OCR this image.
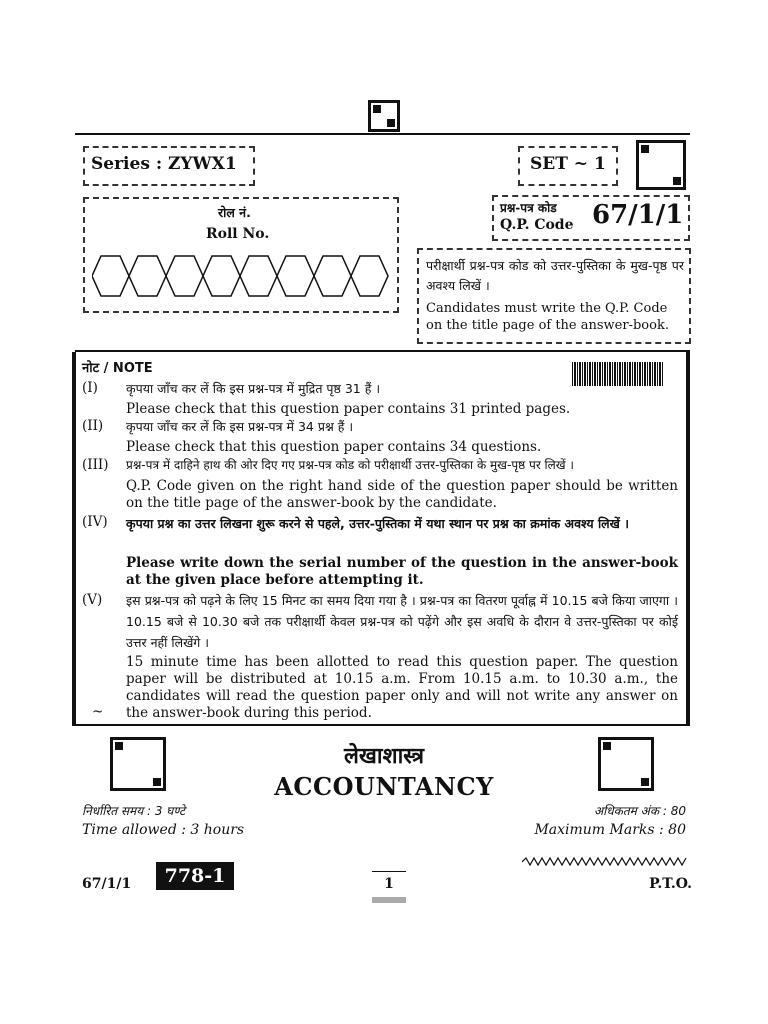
Series : ZYWX1	SET ~ 1
रोल नं.
Roll No.
प्रश्न-पत्र कोड
Q.P. Code 67/1/1
परीक्षार्थी प्रश्न-पत्र कोड को उत्तर-पुस्तिका के मुख-पृष्ठ पर अवश्य लिखें ।
Candidates must write the Q.P. Code on the title page of the answer-book.
नोट / NOTE
(I) कृपया जाँच कर लें कि इस प्रश्न-पत्र में मुद्रित पृष्ठ 31 हैं ।
Please check that this question paper contains 31 printed pages.
(II) कृपया जाँच कर लें कि इस प्रश्न-पत्र में 34 प्रश्न हैं ।
Please check that this question paper contains 34 questions.
(III) प्रश्न-पत्र में दाहिने हाथ की ओर दिए गए प्रश्न-पत्र कोड को परीक्षार्थी उत्तर-पुस्तिका के मुख-पृष्ठ पर लिखें ।
Q.P. Code given on the right hand side of the question paper should be written on the title page of the answer-book by the candidate.
(IV) कृपया प्रश्न का उत्तर लिखना शुरू करने से पहले, उत्तर-पुस्तिका में यथा स्थान पर प्रश्न का क्रमांक अवश्य लिखें ।
Please write down the serial number of the question in the answer-book at the given place before attempting it.
(V) इस प्रश्न-पत्र को पढ़ने के लिए 15 मिनट का समय दिया गया है । प्रश्न-पत्र का वितरण पूर्वाह्न में 10.15 बजे किया जाएगा । 10.15 बजे से 10.30 बजे तक परीक्षार्थी केवल प्रश्न-पत्र को पढ़ेंगे और इस अवधि के दौरान वे उत्तर-पुस्तिका पर कोई उत्तर नहीं लिखेंगे ।
15 minute time has been allotted to read this question paper. The question paper will be distributed at 10.15 a.m. From 10.15 a.m. to 10.30 a.m., the candidates will read the question paper only and will not write any answer on the answer-book during this period.
~
लेखाशास्त्र
ACCOUNTANCY
निर्धारित समय : 3 घण्टे
Time allowed : 3 hours
अधिकतम अंक : 80
Maximum Marks : 80
67/1/1	778-1	1	P.T.O.
